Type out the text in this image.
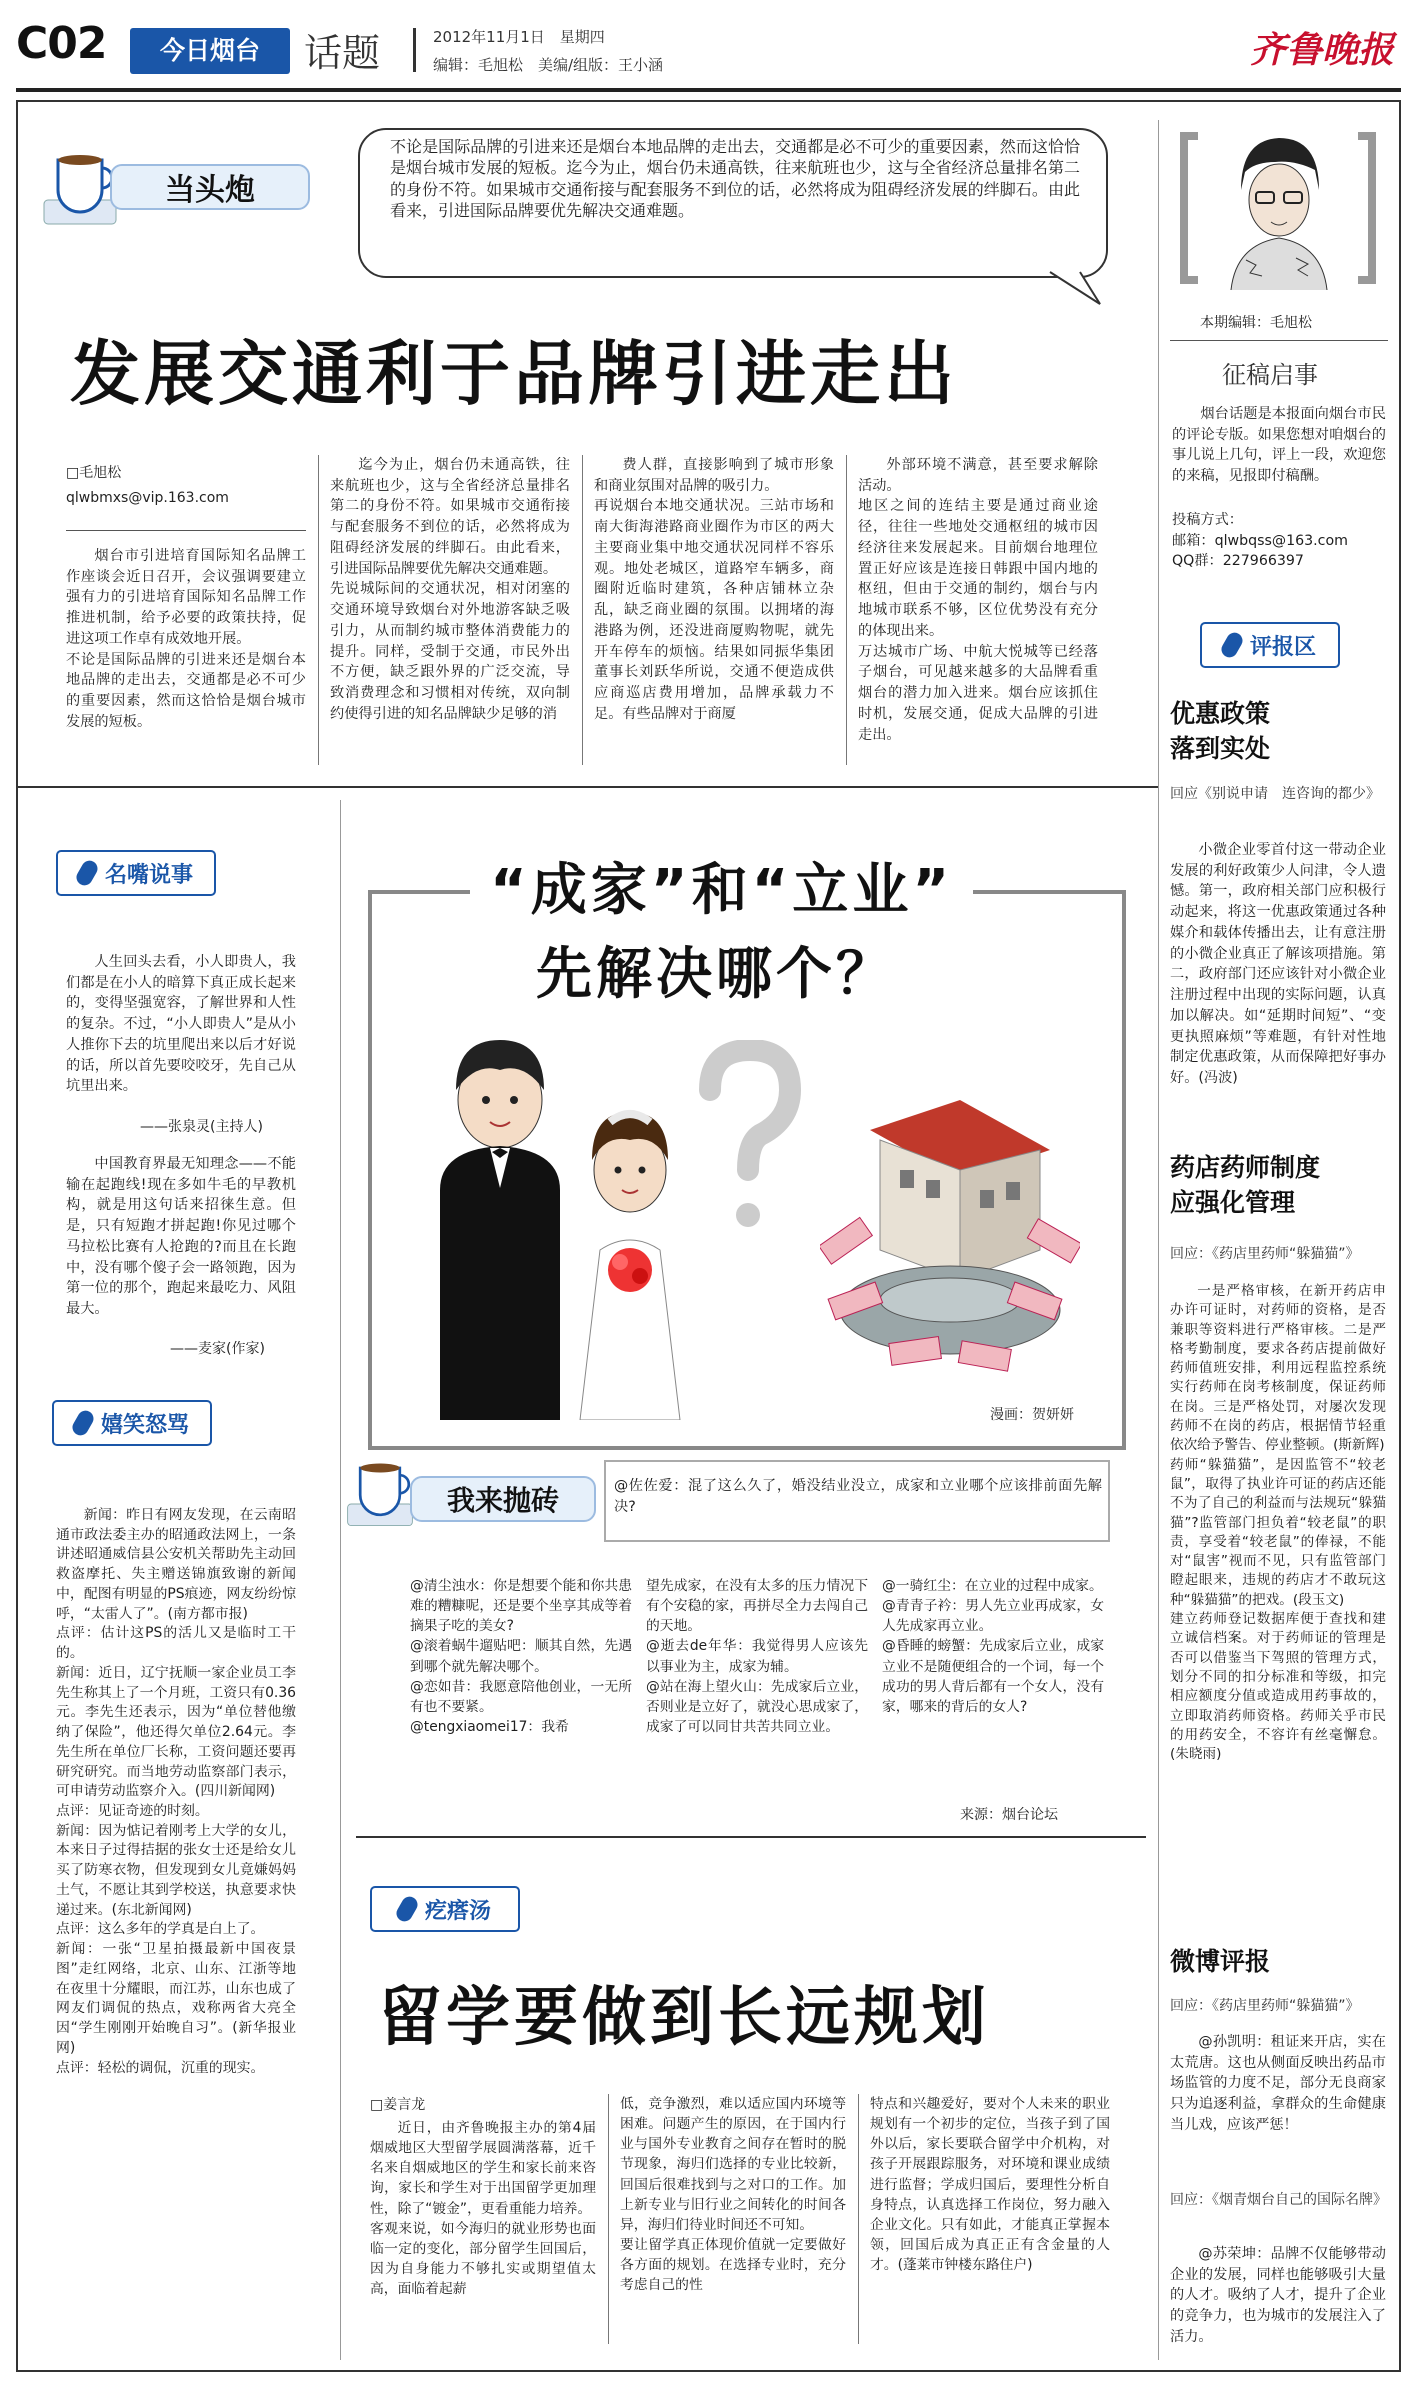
C02	今日烟台	话题	2012年11月1日　星期四
编辑：毛旭松　美编/组版：王小涵	齐鲁晚报
当头炮
不论是国际品牌的引进来还是烟台本地品牌的走出去，交通都是必不可少的重要因素，然而这恰恰是烟台城市发展的短板。迄今为止，烟台仍未通高铁，往来航班也少，这与全省经济总量排名第二的身份不符。如果城市交通衔接与配套服务不到位的话，必然将成为阻碍经济发展的绊脚石。由此看来，引进国际品牌要优先解决交通难题。
发展交通利于品牌引进走出
□毛旭松
qlwbmxs@vip.163.com
烟台市引进培育国际知名品牌工作座谈会近日召开，会议强调要建立强有力的引进培育国际知名品牌工作推进机制，给予必要的政策扶持，促进这项工作卓有成效地开展。
不论是国际品牌的引进来还是烟台本地品牌的走出去，交通都是必不可少的重要因素，然而这恰恰是烟台城市发展的短板。
迄今为止，烟台仍未通高铁，往来航班也少，这与全省经济总量排名第二的身份不符。如果城市交通衔接与配套服务不到位的话，必然将成为阻碍经济发展的绊脚石。由此看来，引进国际品牌要优先解决交通难题。
先说城际间的交通状况，相对闭塞的交通环境导致烟台对外地游客缺乏吸引力，从而制约城市整体消费能力的提升。同样，受制于交通，市民外出不方便，缺乏跟外界的广泛交流，导致消费理念和习惯相对传统，双向制约使得引进的知名品牌缺少足够的消
费人群，直接影响到了城市形象和商业氛围对品牌的吸引力。
再说烟台本地交通状况。三站市场和南大街海港路商业圈作为市区的两大主要商业集中地交通状况同样不容乐观。地处老城区，道路窄车辆多，商圈附近临时建筑，各种店铺林立杂乱，缺乏商业圈的氛围。以拥堵的海港路为例，还没进商厦购物呢，就先开车停车的烦恼。结果如同振华集团董事长刘跃华所说，交通不便造成供应商巡店费用增加，品牌承载力不足。有些品牌对于商厦
外部环境不满意，甚至要求解除活动。
地区之间的连结主要是通过商业途径，往往一些地处交通枢纽的城市因经济往来发展起来。目前烟台地理位置正好应该是连接日韩跟中国内地的枢纽，但由于交通的制约，烟台与内地城市联系不够，区位优势没有充分的体现出来。
万达城市广场、中航大悦城等已经落子烟台，可见越来越多的大品牌看重烟台的潜力加入进来。烟台应该抓住时机，发展交通，促成大品牌的引进走出。
本期编辑：毛旭松
征稿启事
烟台话题是本报面向烟台市民的评论专版。如果您想对咱烟台的事儿说上几句，评上一段，欢迎您的来稿，见报即付稿酬。
投稿方式：
邮箱：qlwbqss@163.com
QQ群：227966397
评报区
优惠政策
落到实处
回应《别说申请　连咨询的都少》
小微企业零首付这一带动企业发展的利好政策少人问津，令人遗憾。第一，政府相关部门应积极行动起来，将这一优惠政策通过各种媒介和载体传播出去，让有意注册的小微企业真正了解该项措施。第二，政府部门还应该针对小微企业注册过程中出现的实际问题，认真加以解决。如“延期时间短”、“变更执照麻烦”等难题，有针对性地制定优惠政策，从而保障把好事办好。(冯波)
药店药师制度
应强化管理
回应：《药店里药师“躲猫猫”》
一是严格审核，在新开药店申办许可证时，对药师的资格，是否兼职等资料进行严格审核。二是严格考勤制度，要求各药店提前做好药师值班安排，利用远程监控系统实行药师在岗考核制度，保证药师在岗。三是严格处罚，对屡次发现药师不在岗的药店，根据情节轻重依次给予警告、停业整顿。(斯新辉)
药师“躲猫猫”，是因监管不“较老鼠”，取得了执业许可证的药店还能不为了自己的利益而与法规玩“躲猫猫”?监管部门担负着“较老鼠”的职责，享受着“较老鼠”的俸禄，不能对“鼠害”视而不见，只有监管部门瞪起眼来，违规的药店才不敢玩这种“躲猫猫”的把戏。(段玉文)
建立药师登记数据库便于查找和建立诚信档案。对于药师证的管理是否可以借鉴当下驾照的管理方式，划分不同的扣分标准和等级，扣完相应额度分值或造成用药事故的，立即取消药师资格。药师关乎市民的用药安全，不容许有丝毫懈怠。(朱晓雨)
微博评报
回应：《药店里药师“躲猫猫”》
@孙凯明：租证来开店，实在太荒唐。这也从侧面反映出药品市场监管的力度不足，部分无良商家只为追逐利益，拿群众的生命健康当儿戏，应该严惩！
回应：《烟青烟台自己的国际名牌》
@苏荣坤：品牌不仅能够带动企业的发展，同样也能够吸引大量的人才。吸纳了人才，提升了企业的竞争力，也为城市的发展注入了活力。
名嘴说事
人生回头去看，小人即贵人，我们都是在小人的暗算下真正成长起来的，变得坚强宽容，了解世界和人性的复杂。不过，“小人即贵人”是从小人推你下去的坑里爬出来以后才好说的话，所以首先要咬咬牙，先自己从坑里出来。
——张泉灵(主持人)
中国教育界最无知理念——不能输在起跑线!现在多如牛毛的早教机构，就是用这句话来招徕生意。但是，只有短跑才拼起跑!你见过哪个马拉松比赛有人抢跑的?而且在长跑中，没有哪个傻子会一路领跑，因为第一位的那个，跑起来最吃力、风阻最大。
——麦家(作家)
嬉笑怒骂
新闻：昨日有网友发现，在云南昭通市政法委主办的昭通政法网上，一条讲述昭通威信县公安机关帮助先主动回救盗摩托、失主赠送锦旗致谢的新闻中，配图有明显的PS痕迹，网友纷纷惊呼，“太雷人了”。(南方都市报)
点评：估计这PS的活儿又是临时工干的。
新闻：近日，辽宁抚顺一家企业员工李先生称其上了一个月班，工资只有0.36元。李先生还表示，因为“单位替他缴纳了保险”，他还得欠单位2.64元。李先生所在单位厂长称，工资问题还要再研究研究。而当地劳动监察部门表示，可申请劳动监察介入。(四川新闻网)
点评：见证奇迹的时刻。
新闻：因为惦记着刚考上大学的女儿，本来日子过得拮据的张女士还是给女儿买了防寒衣物，但发现到女儿竟嫌妈妈土气，不愿让其到学校送，执意要求快递过来。(东北新闻网)
点评：这么多年的学真是白上了。
新闻：一张“卫星拍摄最新中国夜景图”走红网络，北京、山东、江浙等地在夜里十分耀眼，而江苏，山东也成了网友们调侃的热点，戏称两省大亮全因“学生刚刚开始晚自习”。(新华报业网)
点评：轻松的调侃，沉重的现实。
“成家”和“立业”
先解决哪个？
漫画：贺妍妍
我来抛砖	@佐佐爱：混了这么久了，婚没结业没立，成家和立业哪个应该排前面先解决?
@清尘浊水：你是想要个能和你共患难的糟糠呢，还是要个坐享其成等着摘果子吃的美女?
@滚着蜗牛遛贴吧：顺其自然，先遇到哪个就先解决哪个。
@恋如昔：我愿意陪他创业，一无所有也不要紧。
@tengxiaomei17：我希
望先成家，在没有太多的压力情况下有个安稳的家，再拼尽全力去闯自己的天地。
@逝去de年华：我觉得男人应该先以事业为主，成家为辅。
@站在海上望火山：先成家后立业，否则业是立好了，就没心思成家了，成家了可以同甘共苦共同立业。
@一骑红尘：在立业的过程中成家。
@青青子衿：男人先立业再成家，女人先成家再立业。
@昏睡的螃蟹：先成家后立业，成家立业不是随便组合的一个词，每一个成功的男人背后都有一个女人，没有家，哪来的背后的女人?
来源：烟台论坛
疙瘩汤
留学要做到长远规划
□姜言龙
近日，由齐鲁晚报主办的第4届烟威地区大型留学展圆满落幕，近千名来自烟威地区的学生和家长前来咨询，家长和学生对于出国留学更加理性，除了“镀金”，更看重能力培养。
客观来说，如今海归的就业形势也面临一定的变化，部分留学生回国后，因为自身能力不够扎实或期望值太高，面临着起薪
低，竞争激烈，难以适应国内环境等困难。问题产生的原因，在于国内行业与国外专业教育之间存在暂时的脱节现象，海归们选择的专业比较新，回国后很难找到与之对口的工作。加上新专业与旧行业之间转化的时间各异，海归们待业时间还不可知。
要让留学真正体现价值就一定要做好各方面的规划。在选择专业时，充分考虑自己的性
特点和兴趣爱好，要对个人未来的职业规划有一个初步的定位，当孩子到了国外以后，家长要联合留学中介机构，对孩子开展跟踪服务，对环境和课业成绩进行监督；学成归国后，要理性分析自身特点，认真选择工作岗位，努力融入企业文化。只有如此，才能真正掌握本领，回国后成为真正正有含金量的人才。(蓬莱市钟楼东路住户)
